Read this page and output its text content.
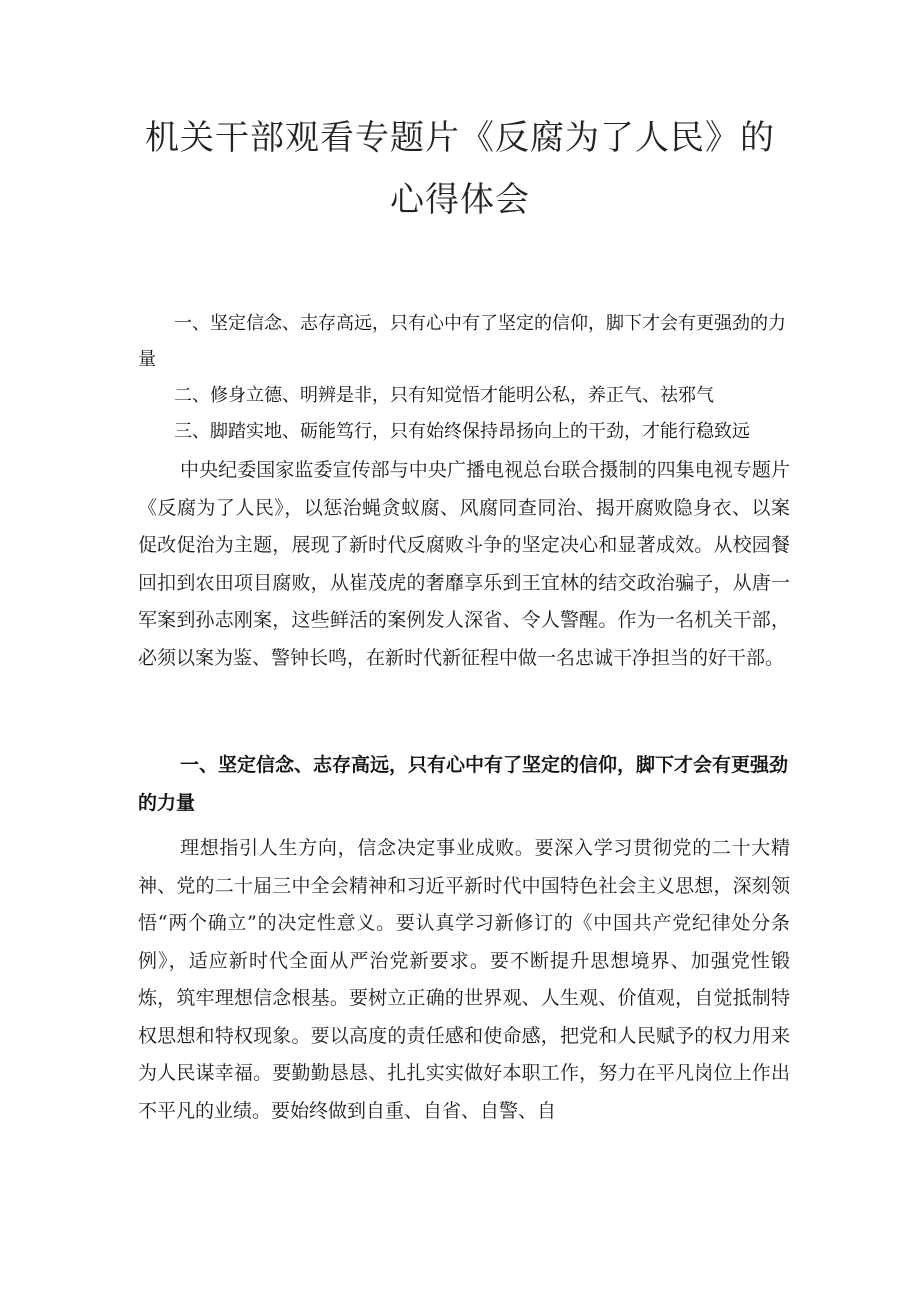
机关干部观看专题片《反腐为了人民》的
心得体会

一、坚定信念、志存高远，只有心中有了坚定的信仰，脚下才会有更强劲的力量

二、修身立德、明辨是非，只有知觉悟才能明公私，养正气、祛邪气

三、脚踏实地、砺能笃行，只有始终保持昂扬向上的干劲，才能行稳致远

中央纪委国家监委宣传部与中央广播电视总台联合摄制的四集电视专题片《反腐为了人民》，以惩治蝇贪蚁腐、风腐同查同治、揭开腐败隐身衣、以案促改促治为主题，展现了新时代反腐败斗争的坚定决心和显著成效。从校园餐回扣到农田项目腐败，从崔茂虎的奢靡享乐到王宜林的结交政治骗子，从唐一军案到孙志刚案，这些鲜活的案例发人深省、令人警醒。作为一名机关干部，必须以案为鉴、警钟长鸣，在新时代新征程中做一名忠诚干净担当的好干部。

一、坚定信念、志存高远，只有心中有了坚定的信仰，脚下才会有更强劲的力量

理想指引人生方向，信念决定事业成败。要深入学习贯彻党的二十大精神、党的二十届三中全会精神和习近平新时代中国特色社会主义思想，深刻领悟“两个确立”的决定性意义。要认真学习新修订的《中国共产党纪律处分条例》，适应新时代全面从严治党新要求。要不断提升思想境界、加强党性锻炼，筑牢理想信念根基。要树立正确的世界观、人生观、价值观，自觉抵制特权思想和特权现象。要以高度的责任感和使命感，把党和人民赋予的权力用来为人民谋幸福。要勤勤恳恳、扎扎实实做好本职工作，努力在平凡岗位上作出不平凡的业绩。要始终做到自重、自省、自警、自
